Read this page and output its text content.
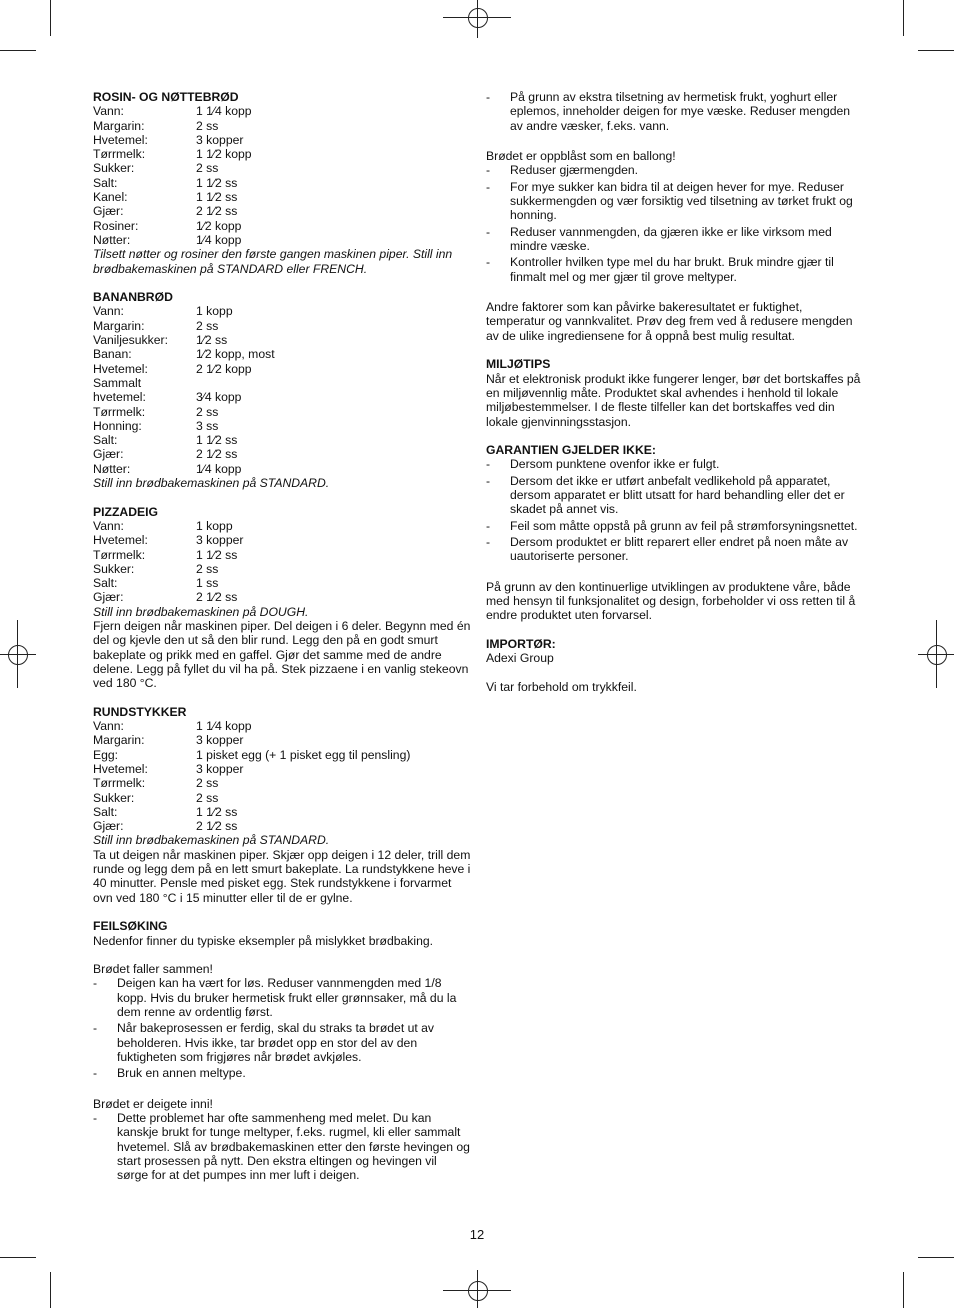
ROSIN- OG NØTTEBRØD

Vann:	1 1⁄4 kopp
Margarin:	2 ss
Hvetemel:	3 kopper
Tørrmelk:	1 1⁄2 kopp
Sukker:	2 ss
Salt:	1 1⁄2 ss
Kanel:	1 1⁄2 ss
Gjær:	2 1⁄2 ss
Rosiner:	1⁄2 kopp
Nøtter:	1⁄4 kopp

Tilsett nøtter og rosiner den første gangen maskinen piper. Still inn brødbakemaskinen på STANDARD eller FRENCH.

BANANBRØD

Vann:	1 kopp
Margarin:	2 ss
Vaniljesukker:	1⁄2 ss
Banan:	1⁄2 kopp, most
Hvetemel:	2 1⁄2 kopp
Sammalt
hvetemel:	3⁄4 kopp
Tørrmelk:	2 ss
Honning:	3 ss
Salt:	1 1⁄2 ss
Gjær:	2 1⁄2 ss
Nøtter:	1⁄4 kopp

Still inn brødbakemaskinen på STANDARD.

PIZZADEIG

Vann:	1 kopp
Hvetemel:	3 kopper
Tørrmelk:	1 1⁄2 ss
Sukker:	2 ss
Salt:	1 ss
Gjær:	2 1⁄2 ss

Still inn brødbakemaskinen på DOUGH.

Fjern deigen når maskinen piper. Del deigen i 6 deler. Begynn med én del og kjevle den ut så den blir rund. Legg den på en godt smurt bakeplate og prikk med en gaffel. Gjør det samme med de andre delene. Legg på fyllet du vil ha på. Stek pizzaene i en vanlig stekeovn ved 180 °C.

RUNDSTYKKER

Vann:	1 1⁄4 kopp
Margarin:	3 kopper
Egg:	1 pisket egg (+ 1 pisket egg til pensling)
Hvetemel:	3 kopper
Tørrmelk:	2 ss
Sukker:	2 ss
Salt:	1 1⁄2 ss
Gjær:	2 1⁄2 ss

Still inn brødbakemaskinen på STANDARD.

Ta ut deigen når maskinen piper. Skjær opp deigen i 12 deler, trill dem runde og legg dem på en lett smurt bakeplate. La rundstykkene heve i 40 minutter. Pensle med pisket egg. Stek rundstykkene i forvarmet ovn ved 180 °C i 15 minutter eller til de er gylne.

FEILSØKING

Nedenfor finner du typiske eksempler på mislykket brødbaking.

Brødet faller sammen!

-	Deigen kan ha vært for løs. Reduser vannmengden med 1/8 kopp. Hvis du bruker hermetisk frukt eller grønnsaker, må du la dem renne av ordentlig først.
-	Når bakeprosessen er ferdig, skal du straks ta brødet ut av beholderen. Hvis ikke, tar brødet opp en stor del av den fuktigheten som frigjøres når brødet avkjøles.
-	Bruk en annen meltype.

Brødet er deigete inni!

-	Dette problemet har ofte sammenheng med melet. Du kan kanskje brukt for tunge meltyper, f.eks. rugmel, kli eller sammalt hvetemel. Slå av brødbakemaskinen etter den første hevingen og start prosessen på nytt. Den ekstra eltingen og hevingen vil sørge for at det pumpes inn mer luft i deigen.
-	På grunn av ekstra tilsetning av hermetisk frukt, yoghurt eller eplemos, inneholder deigen for mye væske. Reduser mengden av andre væsker, f.eks. vann.

Brødet er oppblåst som en ballong!

-	Reduser gjærmengden.
-	For mye sukker kan bidra til at deigen hever for mye. Reduser sukkermengden og vær forsiktig ved tilsetning av tørket frukt og honning.
-	Reduser vannmengden, da gjæren ikke er like virksom med mindre væske.
-	Kontroller hvilken type mel du har brukt. Bruk mindre gjær til finmalt mel og mer gjær til grove meltyper.

Andre faktorer som kan påvirke bakeresultatet er fuktighet, temperatur og vannkvalitet. Prøv deg frem ved å redusere mengden av de ulike ingrediensene for å oppnå best mulig resultat.

MILJØTIPS

Når et elektronisk produkt ikke fungerer lenger, bør det bortskaffes på en miljøvennlig måte. Produktet skal avhendes i henhold til lokale miljøbestemmelser. I de fleste tilfeller kan det bortskaffes ved din lokale gjenvinningsstasjon.

GARANTIEN GJELDER IKKE:

-	Dersom punktene ovenfor ikke er fulgt.
-	Dersom det ikke er utført anbefalt vedlikehold på apparatet, dersom apparatet er blitt utsatt for hard behandling eller det er skadet på annet vis.
-	Feil som måtte oppstå på grunn av feil på strømforsyningsnettet.
-	Dersom produktet er blitt reparert eller endret på noen måte av uautoriserte personer.

På grunn av den kontinuerlige utviklingen av produktene våre, både med hensyn til funksjonalitet og design, forbeholder vi oss retten til å endre produktet uten forvarsel.

IMPORTØR:

Adexi Group

Vi tar forbehold om trykkfeil.

12
